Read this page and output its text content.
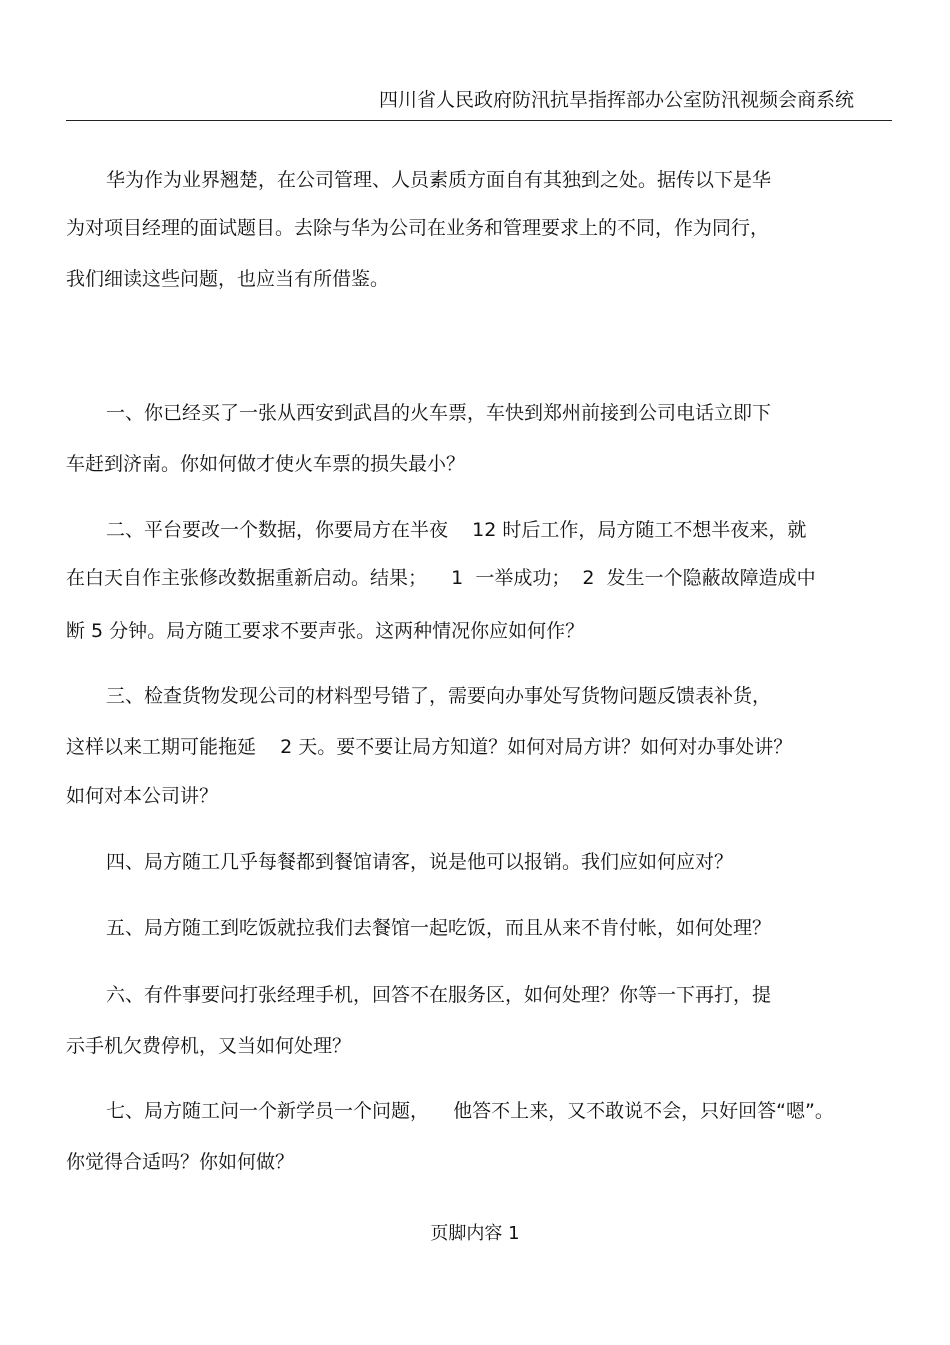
四川省人民政府防汛抗旱指挥部办公室防汛视频会商系统
华为作为业界翘楚，在公司管理、人员素质方面自有其独到之处。据传以下是华
为对项目经理的面试题目。去除与华为公司在业务和管理要求上的不同，作为同行，
我们细读这些问题，也应当有所借鉴。
一、你已经买了一张从西安到武昌的火车票，车快到郑州前接到公司电话立即下
车赶到济南。你如何做才使火车票的损失最小？
二、平台要改一个数据，你要局方在半夜    12 时后工作，局方随工不想半夜来，就
在白天自作主张修改数据重新启动。结果；    1  一举成功；  2  发生一个隐蔽故障造成中
断 5 分钟。局方随工要求不要声张。这两种情况你应如何作？
三、检查货物发现公司的材料型号错了，需要向办事处写货物问题反馈表补货，
这样以来工期可能拖延    2 天。要不要让局方知道？如何对局方讲？如何对办事处讲？
如何对本公司讲？
四、局方随工几乎每餐都到餐馆请客，说是他可以报销。我们应如何应对？
五、局方随工到吃饭就拉我们去餐馆一起吃饭，而且从来不肯付帐，如何处理？
六、有件事要问打张经理手机，回答不在服务区，如何处理？你等一下再打，提
示手机欠费停机，又当如何处理？
七、局方随工问一个新学员一个问题，    他答不上来，又不敢说不会，只好回答“嗯”。
你觉得合适吗？你如何做？
页脚内容 1
